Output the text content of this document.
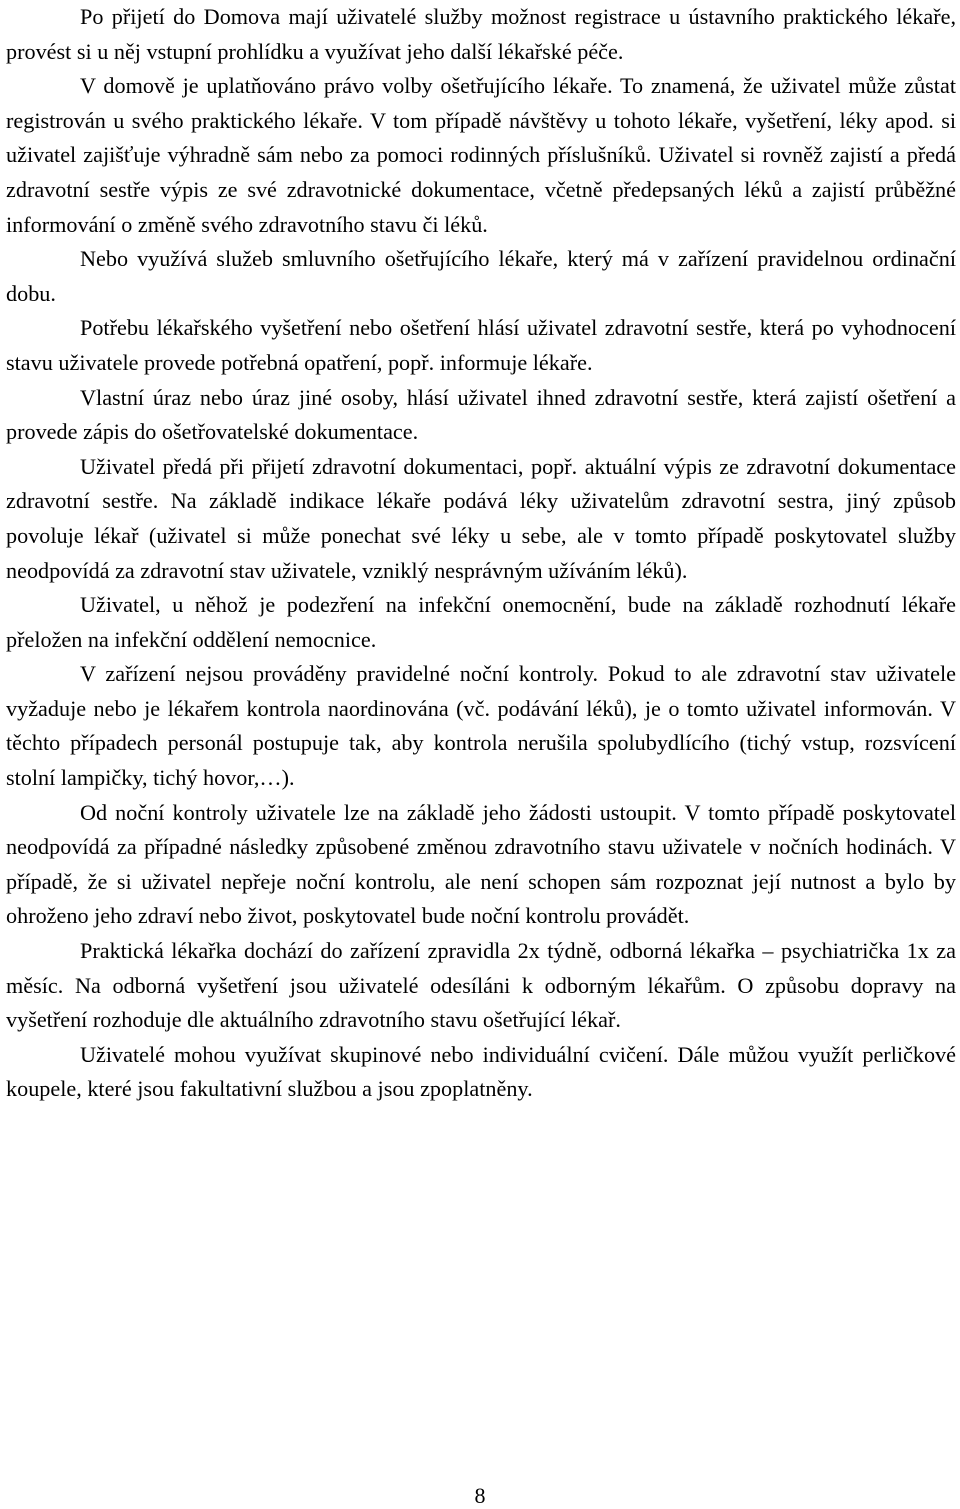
Po přijetí do Domova mají uživatelé služby možnost registrace u ústavního praktického lékaře, provést si u něj vstupní prohlídku a využívat jeho další lékařské péče.

V domově je uplatňováno právo volby ošetřujícího lékaře. To znamená, že uživatel může zůstat registrován u svého praktického lékaře. V tom případě návštěvy u tohoto lékaře, vyšetření, léky apod. si uživatel zajišťuje výhradně sám nebo za pomoci rodinných příslušníků. Uživatel si rovněž zajistí a předá zdravotní sestře výpis ze své zdravotnické dokumentace, včetně předepsaných léků a zajistí průběžné informování o změně svého zdravotního stavu či léků.

Nebo využívá služeb smluvního ošetřujícího lékaře, který má v zařízení pravidelnou ordinační dobu.

Potřebu lékařského vyšetření nebo ošetření hlásí uživatel zdravotní sestře, která po vyhodnocení stavu uživatele provede potřebná opatření, popř. informuje lékaře.

Vlastní úraz nebo úraz jiné osoby, hlásí uživatel ihned zdravotní sestře, která zajistí ošetření a provede zápis do ošetřovatelské dokumentace.

Uživatel předá při přijetí zdravotní dokumentaci, popř. aktuální výpis ze zdravotní dokumentace zdravotní sestře. Na základě indikace lékaře podává léky uživatelům zdravotní sestra, jiný způsob povoluje lékař (uživatel si může ponechat své léky u sebe, ale v tomto případě poskytovatel služby neodpovídá za zdravotní stav uživatele, vzniklý nesprávným užíváním léků).

Uživatel, u něhož je podezření na infekční onemocnění, bude na základě rozhodnutí lékaře přeložen na infekční oddělení nemocnice.

V zařízení nejsou prováděny pravidelné noční kontroly. Pokud to ale zdravotní stav uživatele vyžaduje nebo je lékařem kontrola naordinována (vč. podávání léků), je o tomto uživatel informován. V těchto případech personál postupuje tak, aby kontrola nerušila spolubydlícího (tichý vstup, rozsvícení stolní lampičky, tichý hovor,…).

Od noční kontroly uživatele lze na základě jeho žádosti ustoupit. V tomto případě poskytovatel neodpovídá za případné následky způsobené změnou zdravotního stavu uživatele v nočních hodinách. V případě, že si uživatel nepřeje noční kontrolu, ale není schopen sám rozpoznat její nutnost a bylo by ohroženo jeho zdraví nebo život, poskytovatel bude noční kontrolu provádět.

Praktická lékařka dochází do zařízení zpravidla 2x týdně, odborná lékařka – psychiatrička 1x za měsíc. Na odborná vyšetření jsou uživatelé odesíláni k odborným lékařům. O způsobu dopravy na vyšetření rozhoduje dle aktuálního zdravotního stavu ošetřující lékař.

Uživatelé mohou využívat skupinové nebo individuální cvičení. Dále můžou využít perličkové koupele, které jsou fakultativní službou a jsou zpoplatněny.

8
